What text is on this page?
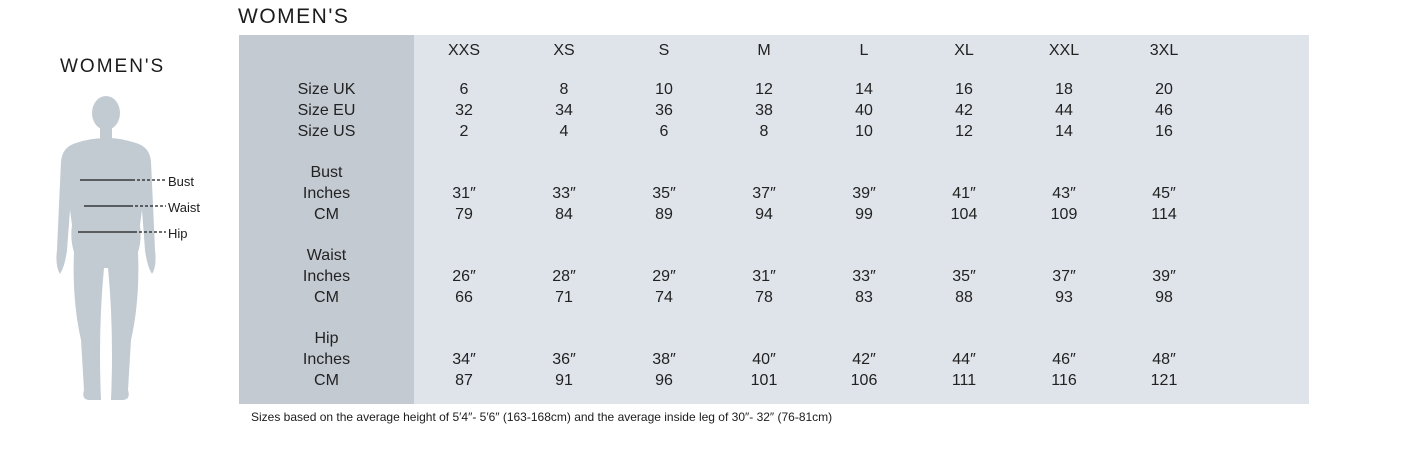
WOMEN'S
Bust
Waist
Hip
WOMEN'S
	XXS	XS	S	M	L	XL	XXL	3XL	

Size UK	6	8	10	12	14	16	18	20	
Size EU	32	34	36	38	40	42	44	46	
Size US	2	4	6	8	10	12	14	16	

Bust									
Inches	31″	33″	35″	37″	39″	41″	43″	45″	
CM	79	84	89	94	99	104	109	114	

Waist									
Inches	26″	28″	29″	31″	33″	35″	37″	39″	
CM	66	71	74	78	83	88	93	98	

Hip									
Inches	34″	36″	38″	40″	42″	44″	46″	48″	
CM	87	91	96	101	106	111	116	121	

Sizes based on the average height of 5′4″- 5′6″ (163-168cm) and the average inside leg of 30″- 32″ (76-81cm)
